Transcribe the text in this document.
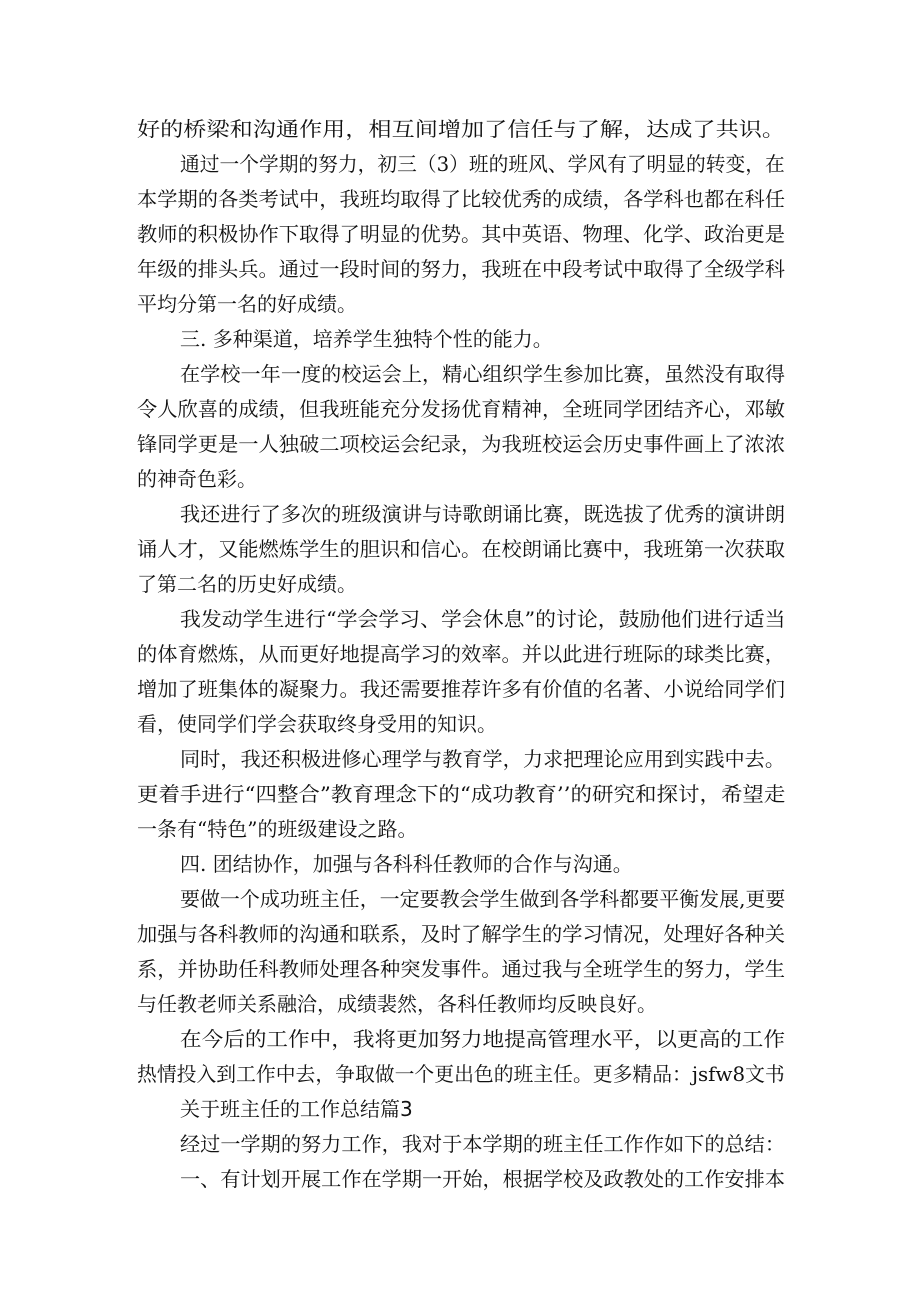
好的桥梁和沟通作用，相互间增加了信任与了解，达成了共识。
通过一个学期的努力，初三（3）班的班风、学风有了明显的转变，在
本学期的各类考试中，我班均取得了比较优秀的成绩，各学科也都在科任
教师的积极协作下取得了明显的优势。其中英语、物理、化学、政治更是
年级的排头兵。通过一段时间的努力，我班在中段考试中取得了全级学科
平均分第一名的好成绩。
三. 多种渠道，培养学生独特个性的能力。
在学校一年一度的校运会上，精心组织学生参加比赛，虽然没有取得
令人欣喜的成绩，但我班能充分发扬优育精神，全班同学团结齐心，邓敏
锋同学更是一人独破二项校运会纪录，为我班校运会历史事件画上了浓浓
的神奇色彩。
我还进行了多次的班级演讲与诗歌朗诵比赛，既选拔了优秀的演讲朗
诵人才，又能燃炼学生的胆识和信心。在校朗诵比赛中，我班第一次获取
了第二名的历史好成绩。
我发动学生进行“学会学习、学会休息”的讨论，鼓励他们进行适当
的体育燃炼，从而更好地提高学习的效率。并以此进行班际的球类比赛，
增加了班集体的凝聚力。我还需要推荐许多有价值的名著、小说给同学们
看，使同学们学会获取终身受用的知识。
同时，我还积极进修心理学与教育学，力求把理论应用到实践中去。
更着手进行“四整合”教育理念下的“成功教育’’的研究和探讨，希望走
一条有“特色”的班级建设之路。
四. 团结协作，加强与各科科任教师的合作与沟通。
要做一个成功班主任，一定要教会学生做到各学科都要平衡发展,更要
加强与各科教师的沟通和联系，及时了解学生的学习情况，处理好各种关
系，并协助任科教师处理各种突发事件。通过我与全班学生的努力，学生
与任教老师关系融洽，成绩裴然，各科任教师均反映良好。
在今后的工作中，我将更加努力地提高管理水平，以更高的工作
热情投入到工作中去，争取做一个更出色的班主任。更多精品：jsfw8文书
关于班主任的工作总结篇3
经过一学期的努力工作，我对于本学期的班主任工作作如下的总结：
一、有计划开展工作在学期一开始，根据学校及政教处的工作安排本
